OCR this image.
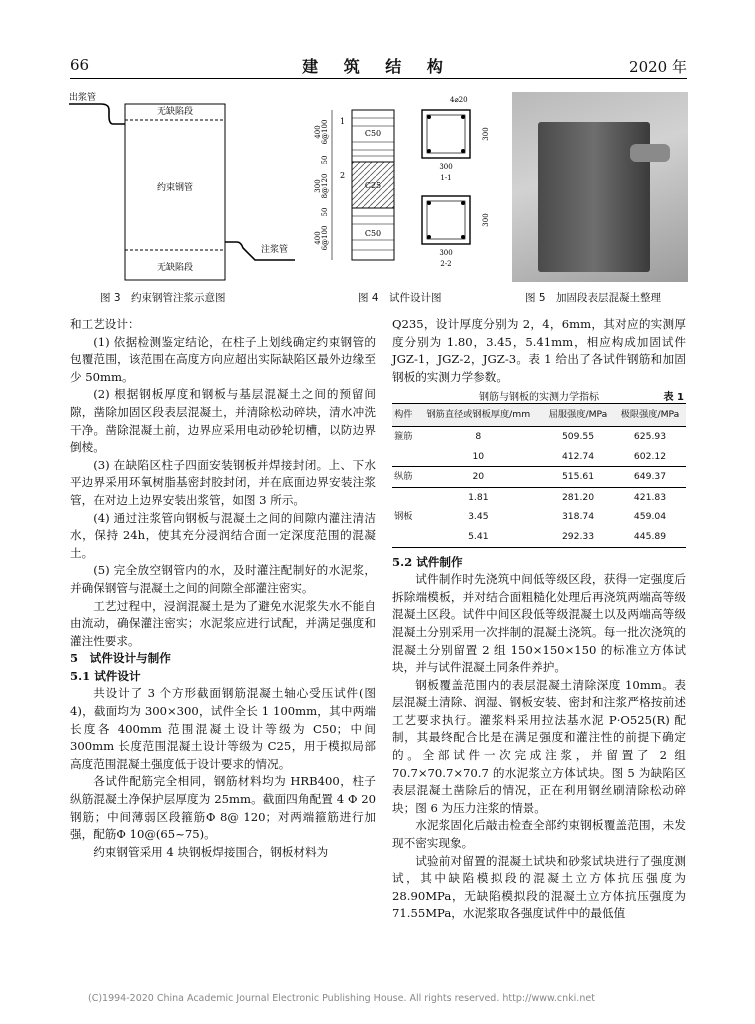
66	建 筑 结 构	2020 年
出浆管
无缺陷段
约束钢管
注浆管
无缺陷段
图 3　约束钢管注浆示意图
400 6@100
50
300 8@120
50
400 6@100
1
2
C50
C25
C50
4⌀20
300
300
1-1
300
300
2-2
图 4　试件设计图	图 5　加固段表层混凝土整理

和工艺设计：

(1) 依据检测鉴定结论，在柱子上划线确定约束钢管的包覆范围，该范围在高度方向应超出实际缺陷区最外边缘至少 50mm。

(2) 根据钢板厚度和钢板与基层混凝土之间的预留间隙，凿除加固区段表层混凝土，并清除松动碎块，清水冲洗干净。凿除混凝土前，边界应采用电动砂轮切槽，以防边界倒棱。

(3) 在缺陷区柱子四面安装钢板并焊接封闭。上、下水平边界采用环氧树脂基密封胶封闭，并在底面边界安装注浆管，在对边上边界安装出浆管，如图 3 所示。

(4) 通过注浆管向钢板与混凝土之间的间隙内灌注清洁水，保持 24h，使其充分浸润结合面一定深度范围的混凝土。

(5) 完全放空钢管内的水，及时灌注配制好的水泥浆，并确保钢管与混凝土之间的间隙全部灌注密实。

工艺过程中，浸润混凝土是为了避免水泥浆失水不能自由流动，确保灌注密实；水泥浆应进行试配，并满足强度和灌注性要求。

5　试件设计与制作

5.1 试件设计

共设计了 3 个方形截面钢筋混凝土轴心受压试件(图 4)，截面均为 300×300，试件全长 1 100mm，其中两端长度各 400mm 范围混凝土设计等级为 C50；中间 300mm 长度范围混凝土设计等级为 C25，用于模拟局部高度范围混凝土强度低于设计要求的情况。

各试件配筋完全相同，钢筋材料均为 HRB400，柱子纵筋混凝土净保护层厚度为 25mm。截面四角配置 4 Φ 20 钢筋；中间薄弱区段箍筋Φ 8@ 120；对两端箍筋进行加强，配筋Φ 10@(65~75)。

约束钢管采用 4 块钢板焊接围合，钢板材料为

Q235，设计厚度分别为 2，4，6mm，其对应的实测厚度分别为 1.80，3.45，5.41mm，相应构成加固试件 JGZ-1，JGZ-2，JGZ-3。表 1 给出了各试件钢筋和加固钢板的实测力学参数。

钢筋与钢板的实测力学指标	表 1
构件	钢筋直径或钢板厚度/mm	屈服强度/MPa	极限强度/MPa
箍筋	8	509.55	625.93
	10	412.74	602.12
纵筋	20	515.61	649.37
	1.81	281.20	421.83
钢板	3.45	318.74	459.04
	5.41	292.33	445.89

5.2 试件制作

试件制作时先浇筑中间低等级区段，获得一定强度后拆除端模板，并对结合面粗糙化处理后再浇筑两端高等级混凝土区段。试件中间区段低等级混凝土以及两端高等级混凝土分别采用一次拌制的混凝土浇筑。每一批次浇筑的混凝土分别留置 2 组 150×150×150 的标准立方体试块，并与试件混凝土同条件养护。

钢板覆盖范围内的表层混凝土清除深度 10mm。表层混凝土清除、润湿、钢板安装、密封和注浆严格按前述工艺要求执行。灌浆料采用拉法基水泥 P·O525(R) 配制，其最终配合比是在满足强度和灌注性的前提下确定的。全部试件一次完成注浆，并留置了 2 组 70.7×70.7×70.7 的水泥浆立方体试块。图 5 为缺陷区表层混凝土凿除后的情况，正在利用钢丝刷清除松动碎块；图 6 为压力注浆的情景。

水泥浆固化后敲击检查全部约束钢板覆盖范围，未发现不密实现象。

试验前对留置的混凝土试块和砂浆试块进行了强度测试，其中缺陷模拟段的混凝土立方体抗压强度为 28.90MPa，无缺陷模拟段的混凝土立方体抗压强度为 71.55MPa，水泥浆取各强度试件中的最低值

(C)1994-2020 China Academic Journal Electronic Publishing House. All rights reserved. http://www.cnki.net
